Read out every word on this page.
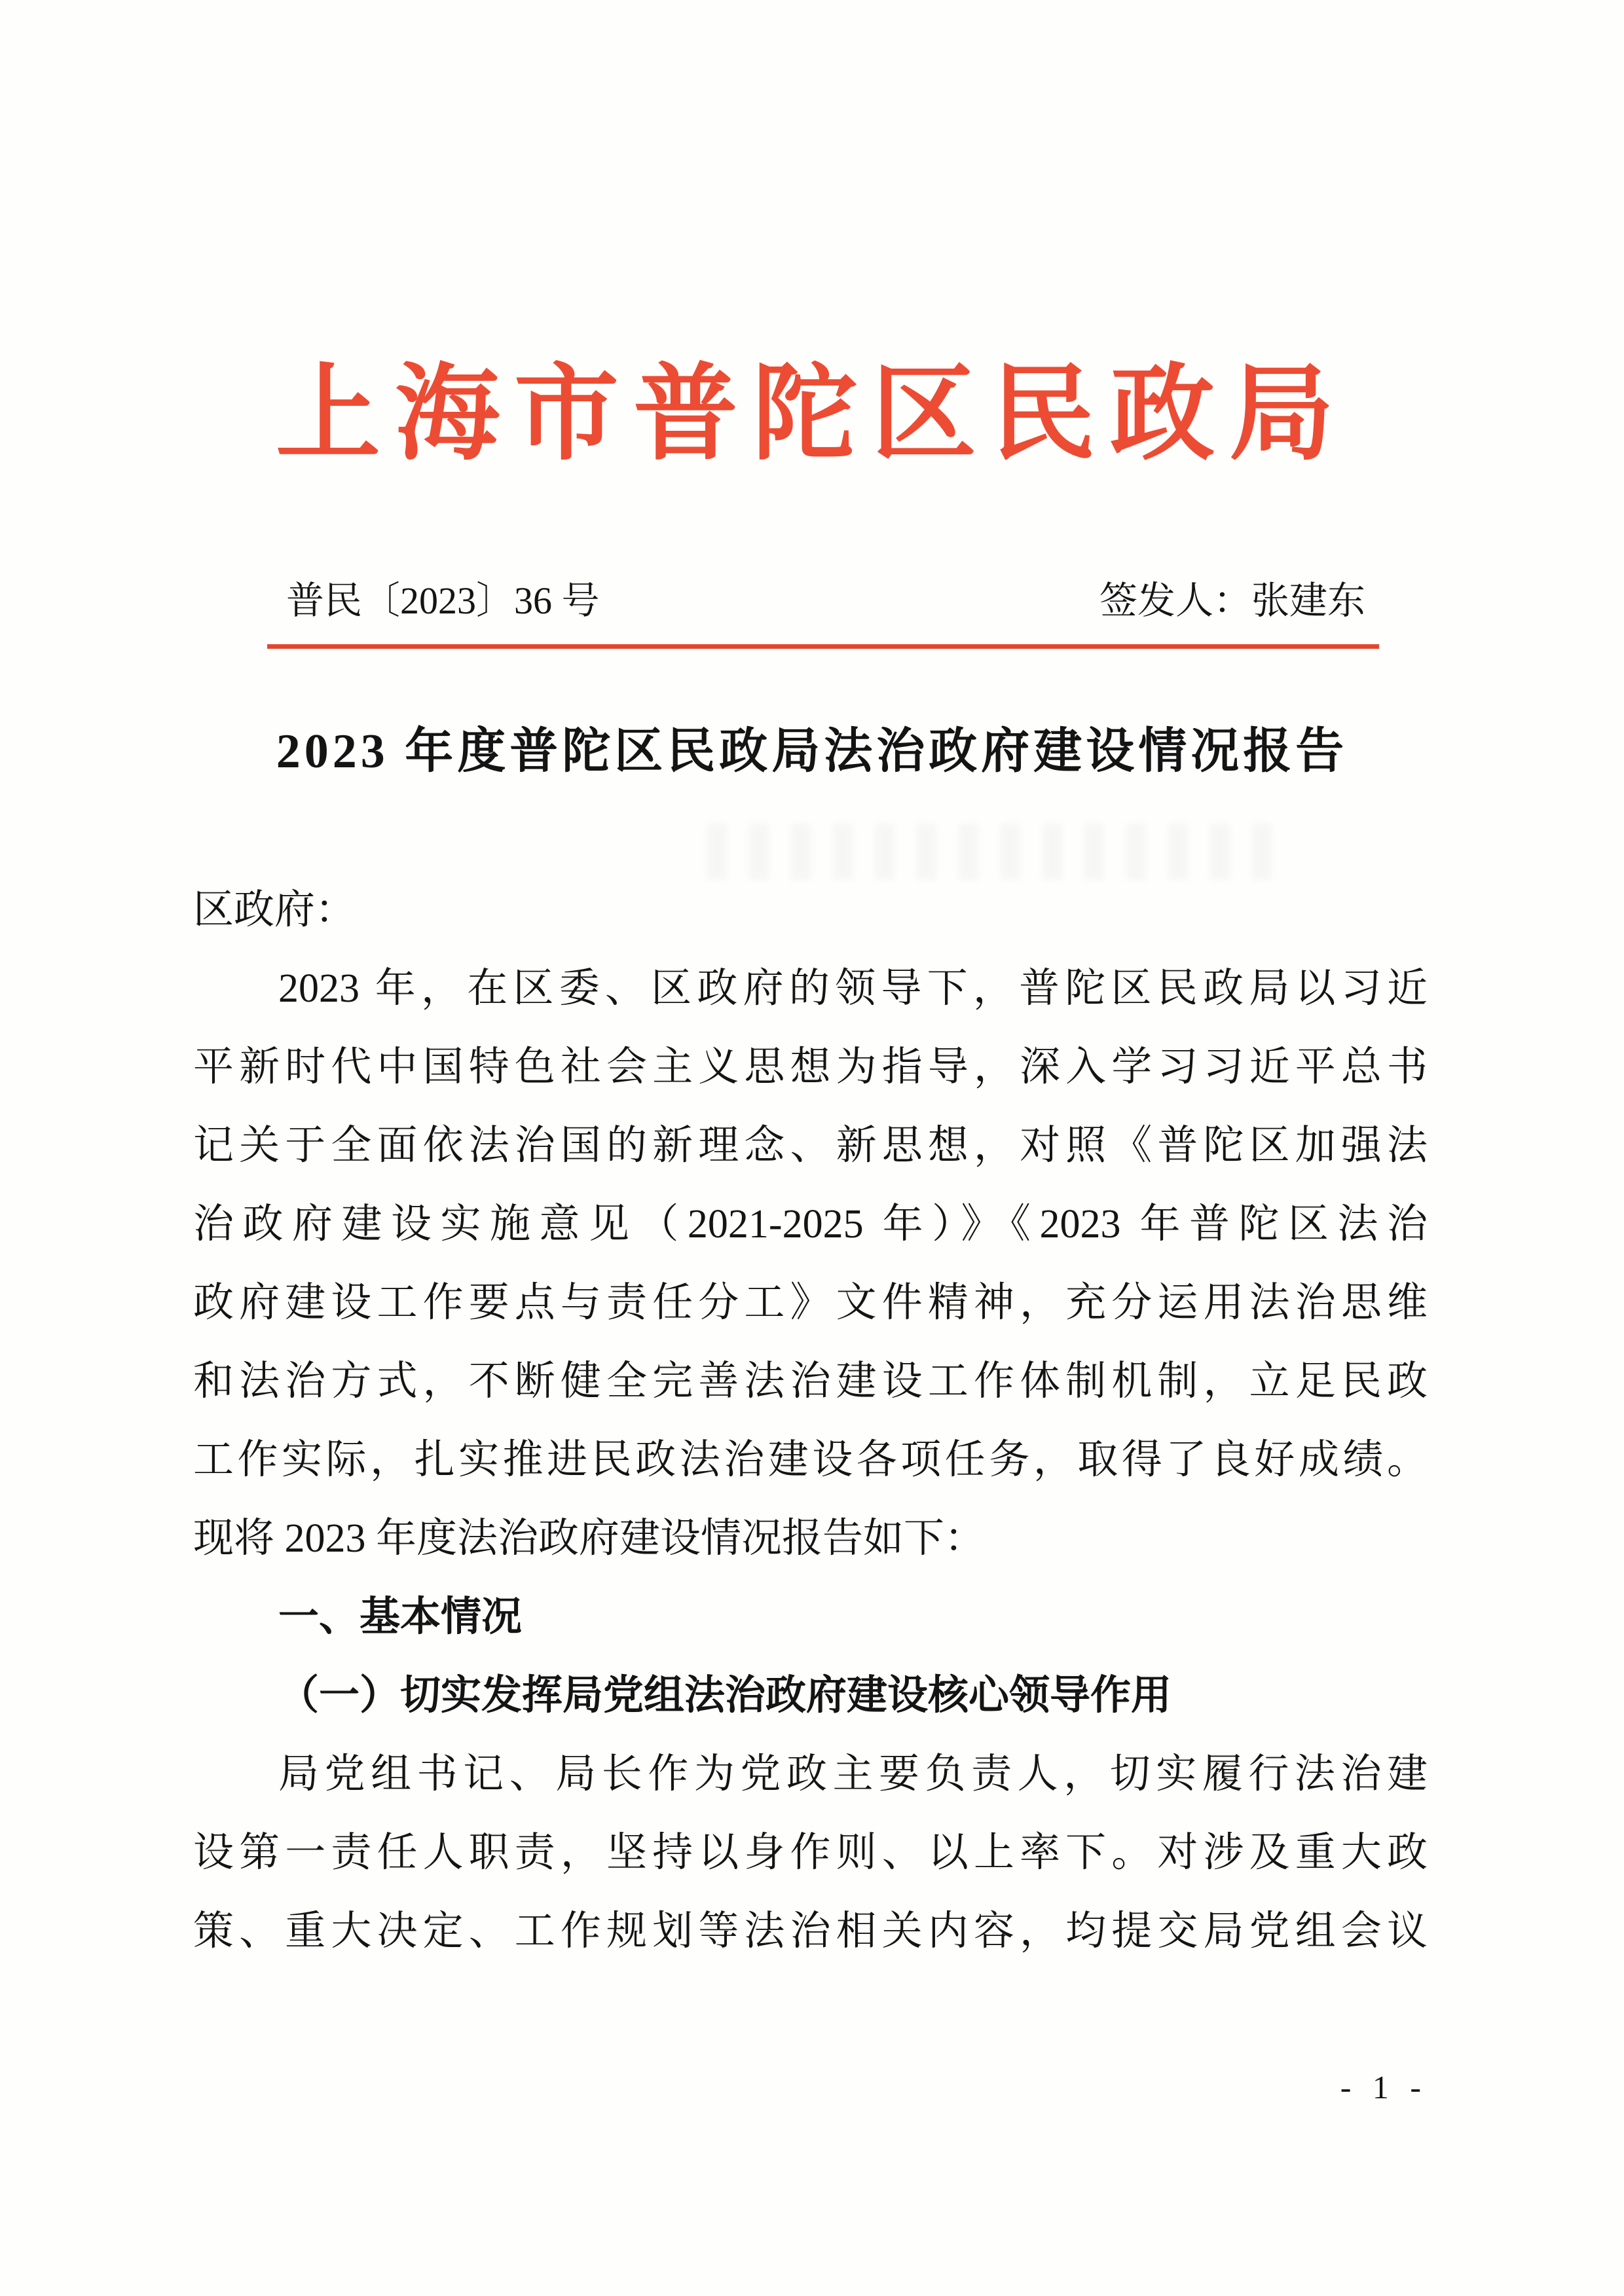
上海市普陀区民政局
普民〔2023〕36 号	签发人：张建东
2023 年度普陀区民政局法治政府建设情况报告
区政府：
2023 年，在区委、区政府的领导下，普陀区民政局以习近
平新时代中国特色社会主义思想为指导，深入学习习近平总书
记关于全面依法治国的新理念、新思想，对照《普陀区加强法
治政府建设实施意见（2021-2025 年）》《2023 年普陀区法治
政府建设工作要点与责任分工》文件精神，充分运用法治思维
和法治方式，不断健全完善法治建设工作体制机制，立足民政
工作实际，扎实推进民政法治建设各项任务，取得了良好成绩。
现将 2023 年度法治政府建设情况报告如下：
一、基本情况
（一）切实发挥局党组法治政府建设核心领导作用
局党组书记、局长作为党政主要负责人，切实履行法治建
设第一责任人职责，坚持以身作则、以上率下。对涉及重大政
策、重大决定、工作规划等法治相关内容，均提交局党组会议
- 1 -
